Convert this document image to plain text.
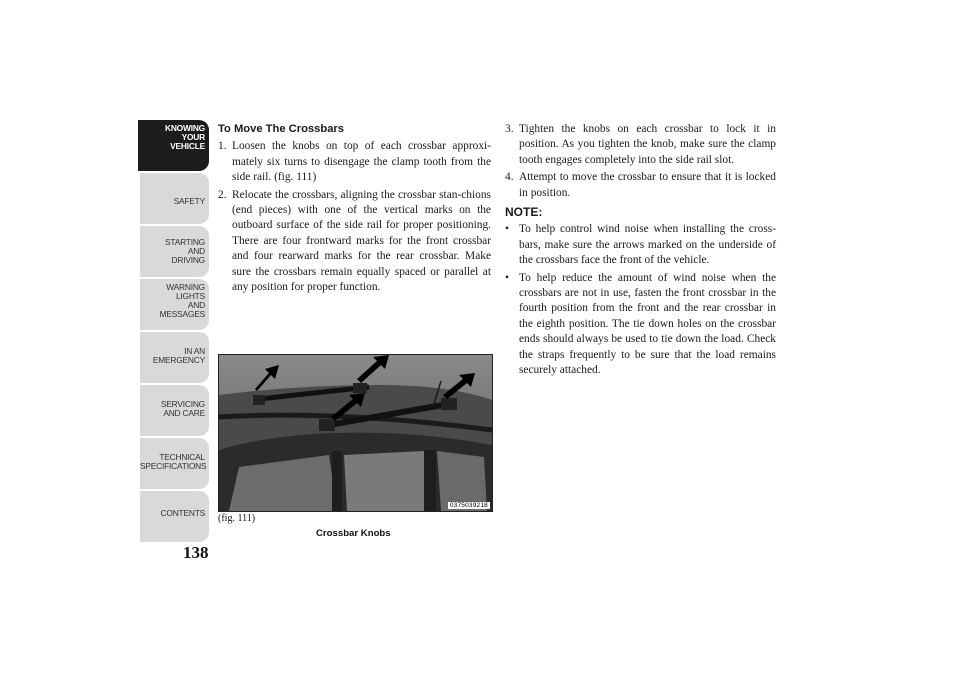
KNOWING
YOUR
VEHICLE
SAFETY
STARTING
AND
DRIVING
WARNING
LIGHTS
AND
MESSAGES
IN AN
EMERGENCY
SERVICING
AND CARE
TECHNICAL
SPECIFICATIONS
CONTENTS
138
To Move The Crossbars
1. Loosen the knobs on top of each crossbar approxi-mately six turns to disengage the clamp tooth from the side rail. (fig. 111)
2. Relocate the crossbars, aligning the crossbar stan-chions (end pieces) with one of the vertical marks on the outboard surface of the side rail for proper positioning. There are four frontward marks for the front crossbar and four rearward marks for the rear crossbar. Make sure the crossbars remain equally spaced or parallel at any position for proper function.
0375039218
(fig. 111)
Crossbar Knobs
3. Tighten the knobs on each crossbar to lock it in position. As you tighten the knob, make sure the clamp tooth engages completely into the side rail slot.
4. Attempt to move the crossbar to ensure that it is locked in position.
NOTE:
• To help control wind noise when installing the cross-bars, make sure the arrows marked on the underside of the crossbars face the front of the vehicle.
• To help reduce the amount of wind noise when the crossbars are not in use, fasten the front crossbar in the fourth position from the front and the rear crossbar in the eighth position. The tie down holes on the crossbar ends should always be used to tie down the load. Check the straps frequently to be sure that the load remains securely attached.
